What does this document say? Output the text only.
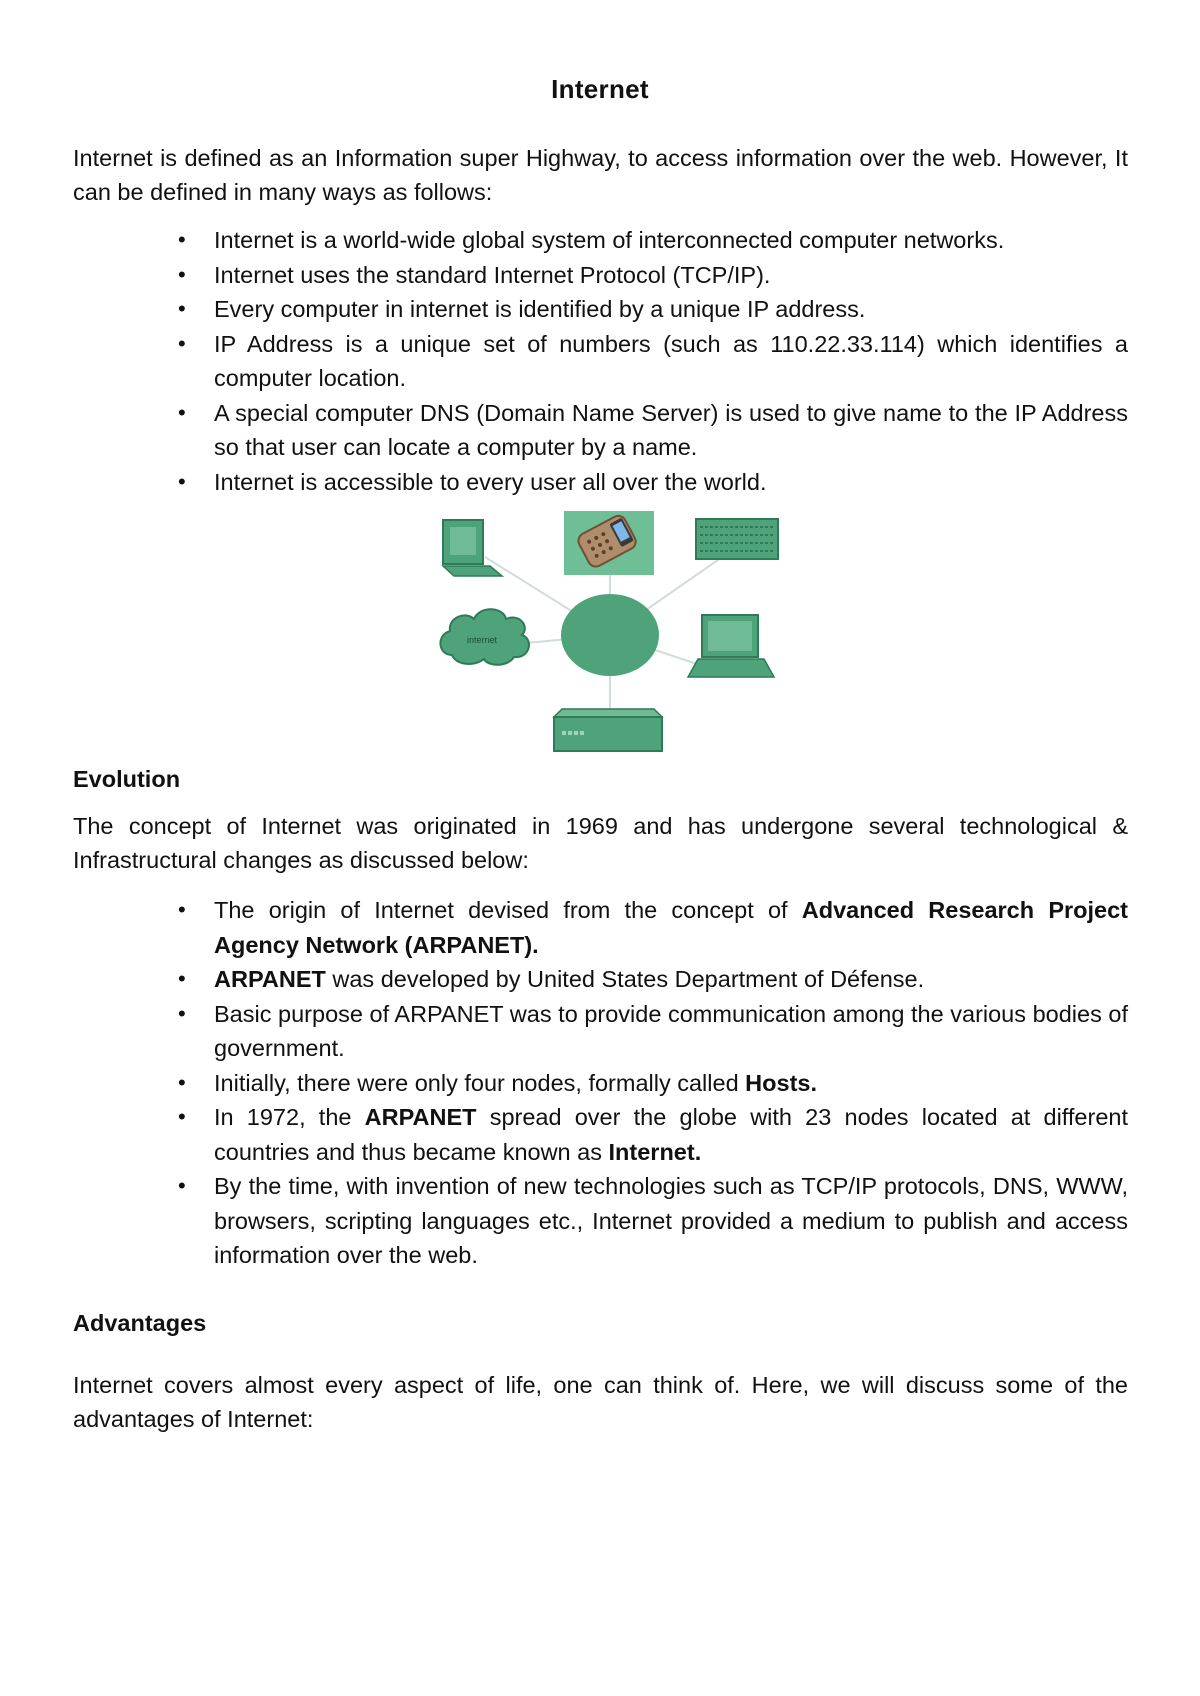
Internet

Internet is defined as an Information super Highway, to access information over the web. However, It can be defined in many ways as follows:

• Internet is a world-wide global system of interconnected computer networks.
• Internet uses the standard Internet Protocol (TCP/IP).
• Every computer in internet is identified by a unique IP address.
• IP Address is a unique set of numbers (such as 110.22.33.114) which identifies a computer location.
• A special computer DNS (Domain Name Server) is used to give name to the IP Address so that user can locate a computer by a name.
• Internet is accessible to every user all over the world.
internet
Evolution

The concept of Internet was originated in 1969 and has undergone several technological & Infrastructural changes as discussed below:

• The origin of Internet devised from the concept of Advanced Research Project Agency Network (ARPANET).
• ARPANET was developed by United States Department of Défense.
• Basic purpose of ARPANET was to provide communication among the various bodies of government.
• Initially, there were only four nodes, formally called Hosts.
• In 1972, the ARPANET spread over the globe with 23 nodes located at different countries and thus became known as Internet.
• By the time, with invention of new technologies such as TCP/IP protocols, DNS, WWW, browsers, scripting languages etc., Internet provided a medium to publish and access information over the web.
Advantages

Internet covers almost every aspect of life, one can think of. Here, we will discuss some of the advantages of Internet:
